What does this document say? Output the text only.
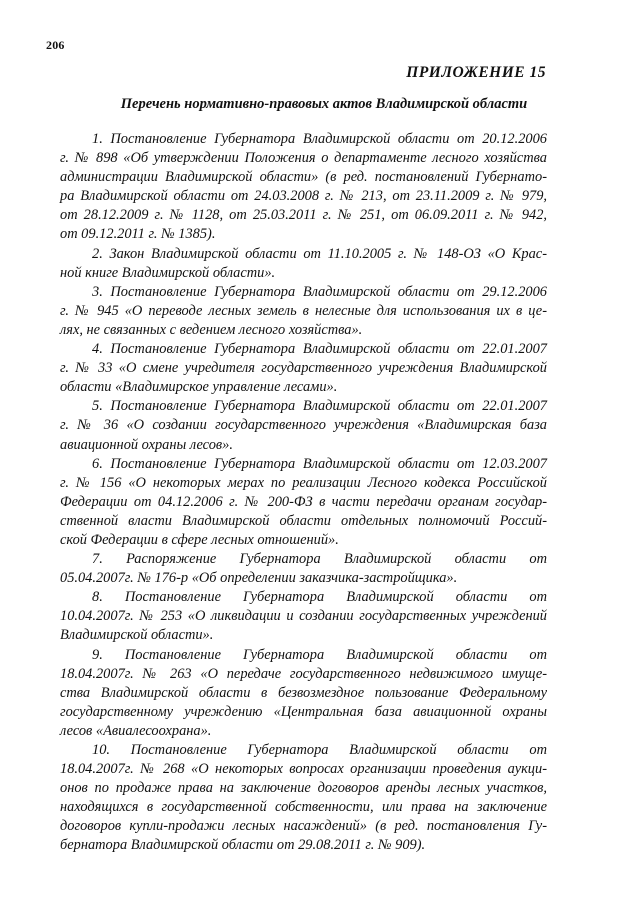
206
ПРИЛОЖЕНИЕ 15
Перечень нормативно-правовых актов Владимирской области
1. Постановление Губернатора Владимирской области от 20.12.2006
г. № 898 «Об утверждении Положения о департаменте лесного хозяйства
администрации Владимирской области» (в ред. постановлений Губернато-
ра Владимирской области от 24.03.2008 г. № 213, от 23.11.2009 г. № 979,
от 28.12.2009 г. № 1128, от 25.03.2011 г. № 251, от 06.09.2011 г. № 942,
от 09.12.2011 г. № 1385).
2. Закон Владимирской области от 11.10.2005 г. № 148-ОЗ «О Крас-
ной книге Владимирской области».
3. Постановление Губернатора Владимирской области от 29.12.2006
г. № 945 «О переводе лесных земель в нелесные для использования их в це-
лях, не связанных с ведением лесного хозяйства».
4. Постановление Губернатора Владимирской области от 22.01.2007
г. № 33 «О смене учредителя государственного учреждения Владимирской
области «Владимирское управление лесами».
5. Постановление Губернатора Владимирской области от 22.01.2007
г. № 36 «О создании государственного учреждения «Владимирская база
авиационной охраны лесов».
6. Постановление Губернатора Владимирской области от 12.03.2007
г. № 156 «О некоторых мерах по реализации Лесного кодекса Российской
Федерации от 04.12.2006 г. № 200-ФЗ в части передачи органам государ-
ственной власти Владимирской области отдельных полномочий Россий-
ской Федерации в сфере лесных отношений».
7. Распоряжение Губернатора Владимирской области от
05.04.2007г. № 176-р «Об определении заказчика-застройщика».
8. Постановление Губернатора Владимирской области от
10.04.2007г. № 253 «О ликвидации и создании государственных учреждений
Владимирской области».
9. Постановление Губернатора Владимирской области от
18.04.2007г. № 263 «О передаче государственного недвижимого имуще-
ства Владимирской области в безвозмездное пользование Федеральному
государственному учреждению «Центральная база авиационной охраны
лесов «Авиалесоохрана».
10. Постановление Губернатора Владимирской области от
18.04.2007г. № 268 «О некоторых вопросах организации проведения аукци-
онов по продаже права на заключение договоров аренды лесных участков,
находящихся в государственной собственности, или права на заключение
договоров купли-продажи лесных насаждений» (в ред. постановления Гу-
бернатора Владимирской области от 29.08.2011 г. № 909).
